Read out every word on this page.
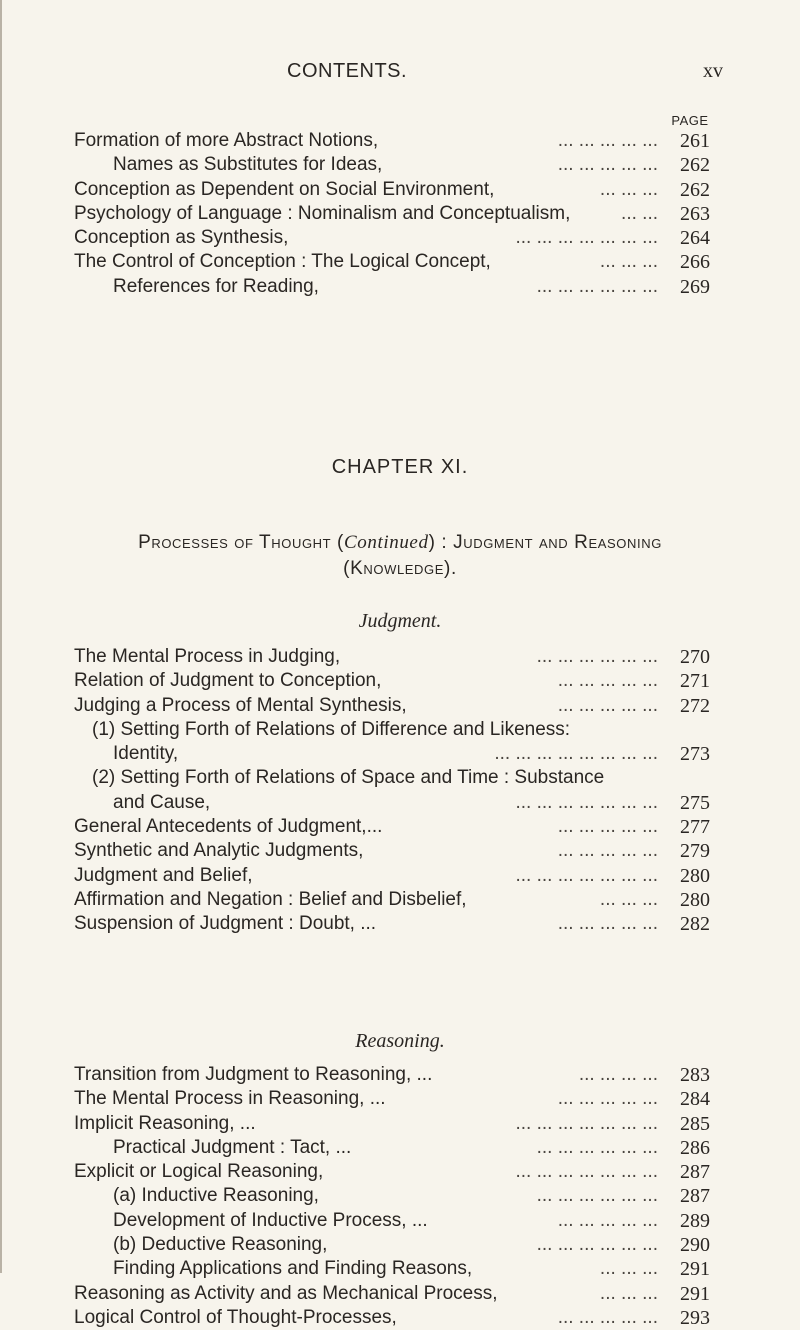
CONTENTS.	xv
PAGE
Formation of more Abstract Notions,	... ... ... ... ...	261
Names as Substitutes for Ideas,	... ... ... ... ...	262
Conception as Dependent on Social Environment,	... ... ...	262
Psychology of Language : Nominalism and Conceptualism,	... ...	263
Conception as Synthesis,	... ... ... ... ... ... ...	264
The Control of Conception : The Logical Concept,	... ... ...	266
References for Reading,	... ... ... ... ... ...	269
CHAPTER XI.
Processes of Thought (Continued) : Judgment and Reasoning
(Knowledge).
Judgment.
The Mental Process in Judging,	... ... ... ... ... ...	270
Relation of Judgment to Conception,	... ... ... ... ...	271
Judging a Process of Mental Synthesis,	... ... ... ... ...	272
(1) Setting Forth of Relations of Difference and Likeness:
Identity,	... ... ... ... ... ... ... ...	273
(2) Setting Forth of Relations of Space and Time : Substance
and Cause,	... ... ... ... ... ... ...	275
General Antecedents of Judgment,...	... ... ... ... ...	277
Synthetic and Analytic Judgments,	... ... ... ... ...	279
Judgment and Belief,	... ... ... ... ... ... ...	280
Affirmation and Negation : Belief and Disbelief,	... ... ...	280
Suspension of Judgment : Doubt, ...	... ... ... ... ...	282
Reasoning.
Transition from Judgment to Reasoning, ...	... ... ... ...	283
The Mental Process in Reasoning, ...	... ... ... ... ...	284
Implicit Reasoning, ...	... ... ... ... ... ... ...	285
Practical Judgment : Tact, ...	... ... ... ... ... ...	286
Explicit or Logical Reasoning,	... ... ... ... ... ... ...	287
(a) Inductive Reasoning,	... ... ... ... ... ...	287
Development of Inductive Process, ...	... ... ... ... ...	289
(b) Deductive Reasoning,	... ... ... ... ... ...	290
Finding Applications and Finding Reasons,	... ... ...	291
Reasoning as Activity and as Mechanical Process,	... ... ...	291
Logical Control of Thought-Processes,	... ... ... ... ...	293
